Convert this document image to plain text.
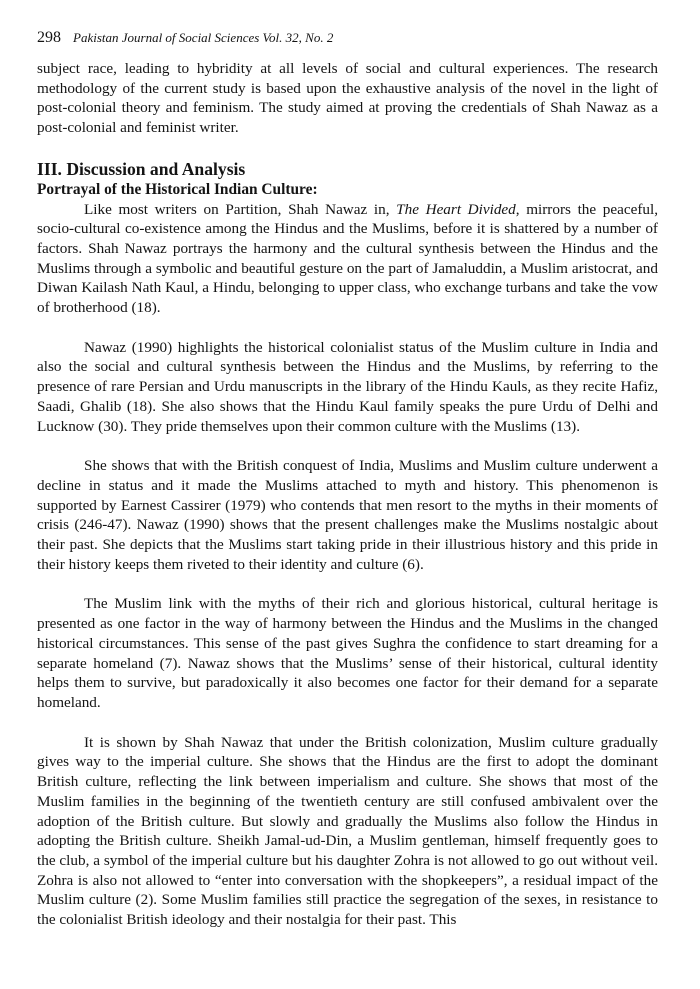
298 Pakistan Journal of Social Sciences Vol. 32, No. 2

subject race, leading to hybridity at all levels of social and cultural experiences. The research methodology of the current study is based upon the exhaustive analysis of the novel in the light of post-colonial theory and feminism. The study aimed at proving the credentials of Shah Nawaz as a post-colonial and feminist writer.

III. Discussion and Analysis
Portrayal of the Historical Indian Culture:

Like most writers on Partition, Shah Nawaz in, The Heart Divided, mirrors the peaceful, socio-cultural co-existence among the Hindus and the Muslims, before it is shattered by a number of factors. Shah Nawaz portrays the harmony and the cultural synthesis between the Hindus and the Muslims through a symbolic and beautiful gesture on the part of Jamaluddin, a Muslim aristocrat, and Diwan Kailash Nath Kaul, a Hindu, belonging to upper class, who exchange turbans and take the vow of brotherhood (18).

Nawaz (1990) highlights the historical colonialist status of the Muslim culture in India and also the social and cultural synthesis between the Hindus and the Muslims, by referring to the presence of rare Persian and Urdu manuscripts in the library of the Hindu Kauls, as they recite Hafiz, Saadi, Ghalib (18). She also shows that the Hindu Kaul family speaks the pure Urdu of Delhi and Lucknow (30). They pride themselves upon their common culture with the Muslims (13).

She shows that with the British conquest of India, Muslims and Muslim culture underwent a decline in status and it made the Muslims attached to myth and history. This phenomenon is supported by Earnest Cassirer (1979) who contends that men resort to the myths in their moments of crisis (246-47). Nawaz (1990) shows that the present challenges make the Muslims nostalgic about their past. She depicts that the Muslims start taking pride in their illustrious history and this pride in their history keeps them riveted to their identity and culture (6).

The Muslim link with the myths of their rich and glorious historical, cultural heritage is presented as one factor in the way of harmony between the Hindus and the Muslims in the changed historical circumstances. This sense of the past gives Sughra the confidence to start dreaming for a separate homeland (7). Nawaz shows that the Muslims’ sense of their historical, cultural identity helps them to survive, but paradoxically it also becomes one factor for their demand for a separate homeland.

It is shown by Shah Nawaz that under the British colonization, Muslim culture gradually gives way to the imperial culture. She shows that the Hindus are the first to adopt the dominant British culture, reflecting the link between imperialism and culture. She shows that most of the Muslim families in the beginning of the twentieth century are still confused ambivalent over the adoption of the British culture. But slowly and gradually the Muslims also follow the Hindus in adopting the British culture. Sheikh Jamal-ud-Din, a Muslim gentleman, himself frequently goes to the club, a symbol of the imperial culture but his daughter Zohra is not allowed to go out without veil. Zohra is also not allowed to “enter into conversation with the shopkeepers”, a residual impact of the Muslim culture (2). Some Muslim families still practice the segregation of the sexes, in resistance to the colonialist British ideology and their nostalgia for their past. This
